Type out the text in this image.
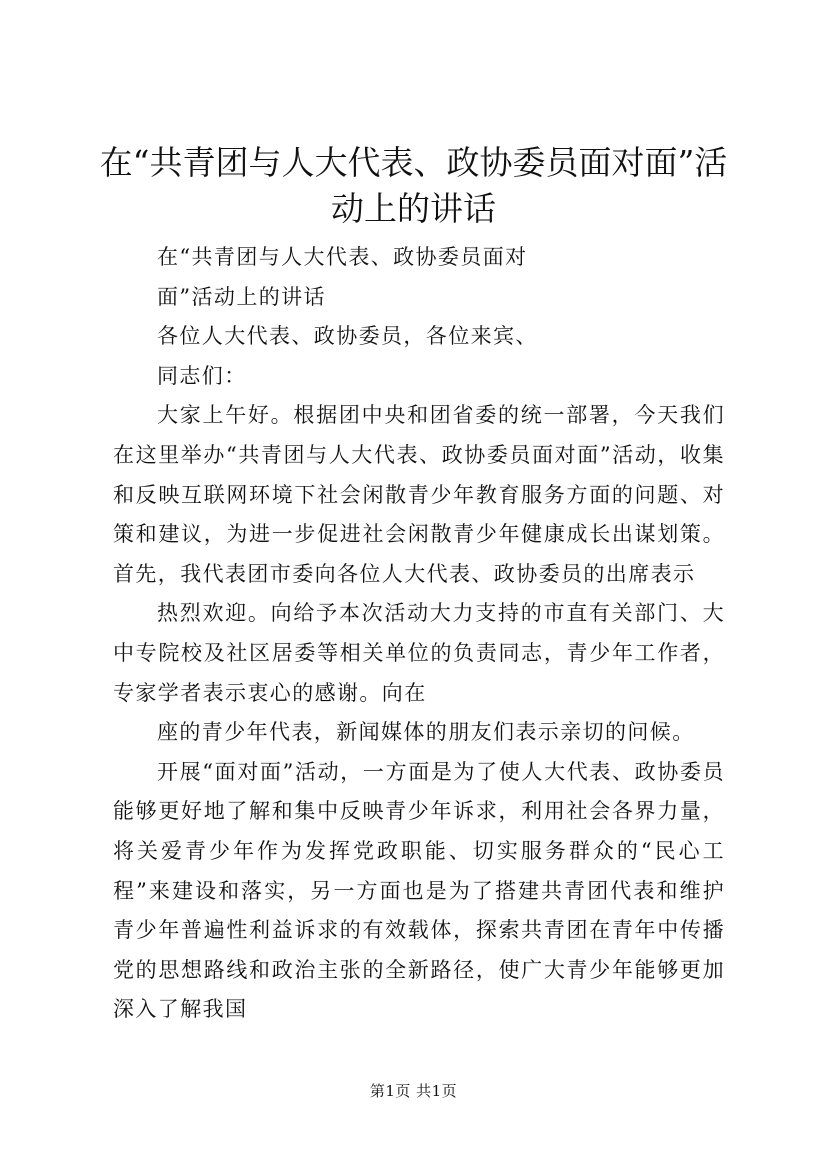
在“共青团与人大代表、政协委员面对面”活动上的讲话

在“共青团与人大代表、政协委员面对

面”活动上的讲话

各位人大代表、政协委员，各位来宾、

同志们：

大家上午好。根据团中央和团省委的统一部署，今天我们在这里举办“共青团与人大代表、政协委员面对面”活动，收集和反映互联网环境下社会闲散青少年教育服务方面的问题、对策和建议，为进一步促进社会闲散青少年健康成长出谋划策。首先，我代表团市委向各位人大代表、政协委员的出席表示

热烈欢迎。向给予本次活动大力支持的市直有关部门、大中专院校及社区居委等相关单位的负责同志，青少年工作者，专家学者表示衷心的感谢。向在

座的青少年代表，新闻媒体的朋友们表示亲切的问候。

开展“面对面”活动，一方面是为了使人大代表、政协委员能够更好地了解和集中反映青少年诉求，利用社会各界力量，将关爱青少年作为发挥党政职能、切实服务群众的“民心工程”来建设和落实，另一方面也是为了搭建共青团代表和维护青少年普遍性利益诉求的有效载体，探索共青团在青年中传播党的思想路线和政治主张的全新路径，使广大青少年能够更加深入了解我国

第1页 共1页
